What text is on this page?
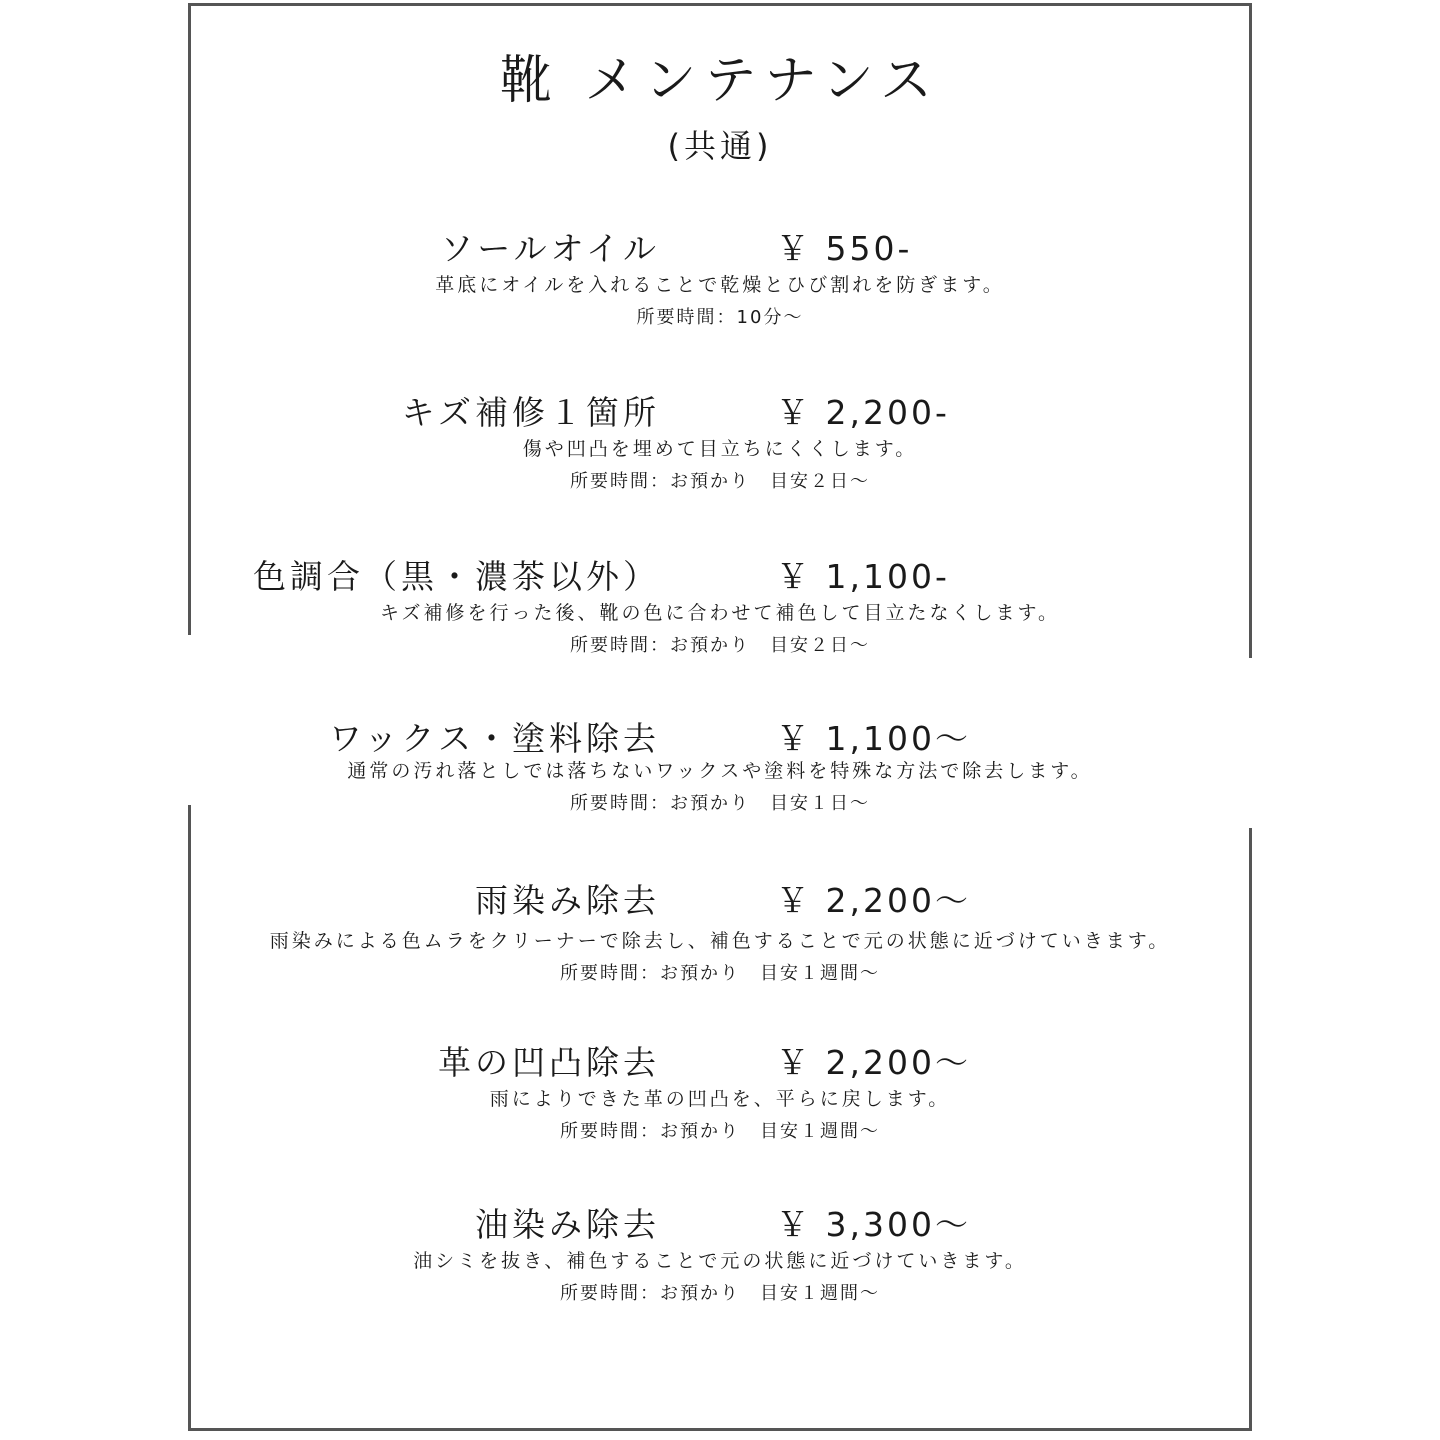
靴 メンテナンス
(共通)
ソールオイル	￥ 550-
革底にオイルを入れることで乾燥とひび割れを防ぎます。
所要時間：10分～
キズ補修１箇所	￥ 2,200-
傷や凹凸を埋めて目立ちにくくします。
所要時間：お預かり　目安２日～
色調合（黒・濃茶以外）	￥ 1,100-
キズ補修を行った後、靴の色に合わせて補色して目立たなくします。
所要時間：お預かり　目安２日～
ワックス・塗料除去	￥ 1,100～
通常の汚れ落としでは落ちないワックスや塗料を特殊な方法で除去します。
所要時間：お預かり　目安１日～
雨染み除去	￥ 2,200～
雨染みによる色ムラをクリーナーで除去し、補色することで元の状態に近づけていきます。
所要時間：お預かり　目安１週間～
革の凹凸除去	￥ 2,200～
雨によりできた革の凹凸を、平らに戻します。
所要時間：お預かり　目安１週間～
油染み除去	￥ 3,300～
油シミを抜き、補色することで元の状態に近づけていきます。
所要時間：お預かり　目安１週間～
